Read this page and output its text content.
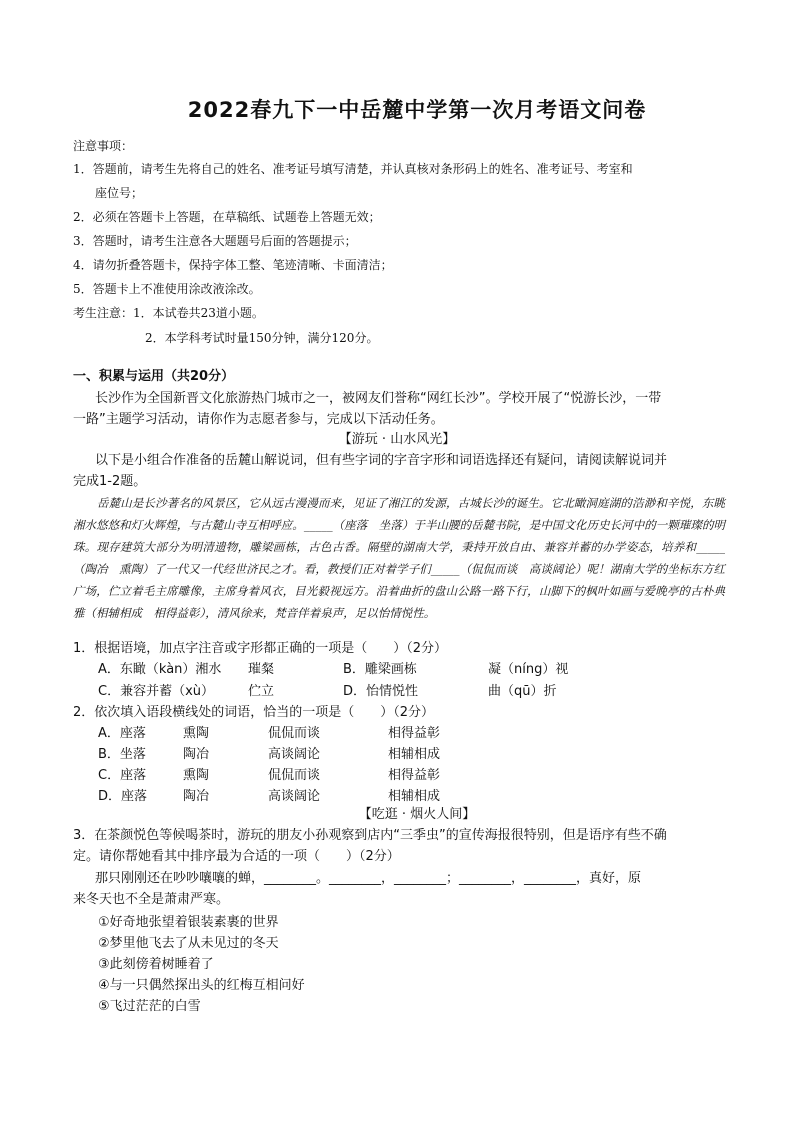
2022春九下一中岳麓中学第一次月考语文问卷
注意事项：
1．答题前，请考生先将自己的姓名、准考证号填写清楚，并认真核对条形码上的姓名、准考证号、考室和
座位号；
2．必须在答题卡上答题，在草稿纸、试题卷上答题无效；
3．答题时，请考生注意各大题题号后面的答题提示；
4．请勿折叠答题卡，保持字体工整、笔迹清晰、卡面清洁；
5．答题卡上不准使用涂改液涂改。
考生注意：1．本试卷共23道小题。
2．本学科考试时量150分钟，满分120分。
一、积累与运用（共20分）
长沙作为全国新晋文化旅游热门城市之一，被网友们誉称“网红长沙”。学校开展了“悦游长沙，一带
一路”主题学习活动，请你作为志愿者参与，完成以下活动任务。
【游玩 · 山水风光】
以下是小组合作准备的岳麓山解说词，但有些字词的字音字形和词语选择还有疑问，请阅读解说词并
完成1-2题。

岳麓山是长沙著名的风景区，它从远古漫漫而来，见证了湘江的发源，古城长沙的诞生。它北瞰洞庭湖的浩渺和辛悦，东眺湘水悠悠和灯火辉煌，与古麓山寺互相呼应。_____（座落　坐落）于半山腰的岳麓书院，是中国文化历史长河中的一颗璀璨的明珠。现存建筑大部分为明清遗物，雕梁画栋，古色古香。隔壁的湖南大学，秉持开放自由、兼容并蓄的办学姿态，培养和_____（陶冶　熏陶）了一代又一代经世济民之才。看，教授们正对着学子们_____（侃侃而谈　高谈阔论）呢！湖南大学的坐标东方红广场，伫立着毛主席雕像，主席身着风衣，目光毅视远方。沿着曲折的盘山公路一路下行，山脚下的枫叶如画与爱晚亭的古朴典雅（相辅相成　相得益彰），清风徐来，梵音伴着泉声，足以怡情悦性。

1．根据语境，加点字注音或字形都正确的一项是（　　）（2分）
A．东瞰（kàn）湘水 璀粲	B．雕梁画栋	凝（níng）视
C．兼容并蓄（xù）	伫立	D．怡情悦性	曲（qū）折
2．依次填入语段横线处的词语，恰当的一项是（　　）（2分）
A．座落	熏陶	侃侃而谈	相得益彰
B．坐落	陶冶	高谈阔论	相辅相成
C．座落	熏陶	侃侃而谈	相得益彰
D．座落	陶冶	高谈阔论	相辅相成
【吃逛 · 烟火人间】
3．在茶颜悦色等候喝茶时，游玩的朋友小孙观察到店内“三季虫”的宣传海报很特别，但是语序有些不确
定。请你帮她看其中排序最为合适的一项（　　）（2分）
那只刚刚还在吵吵嚷嚷的蝉，________。________，________；________，________，真好，原
来冬天也不全是萧肃严寒。
①好奇地张望着银装素裹的世界
②梦里他飞去了从未见过的冬天
③此刻傍着树睡着了
④与一只偶然探出头的红梅互相问好
⑤飞过茫茫的白雪
